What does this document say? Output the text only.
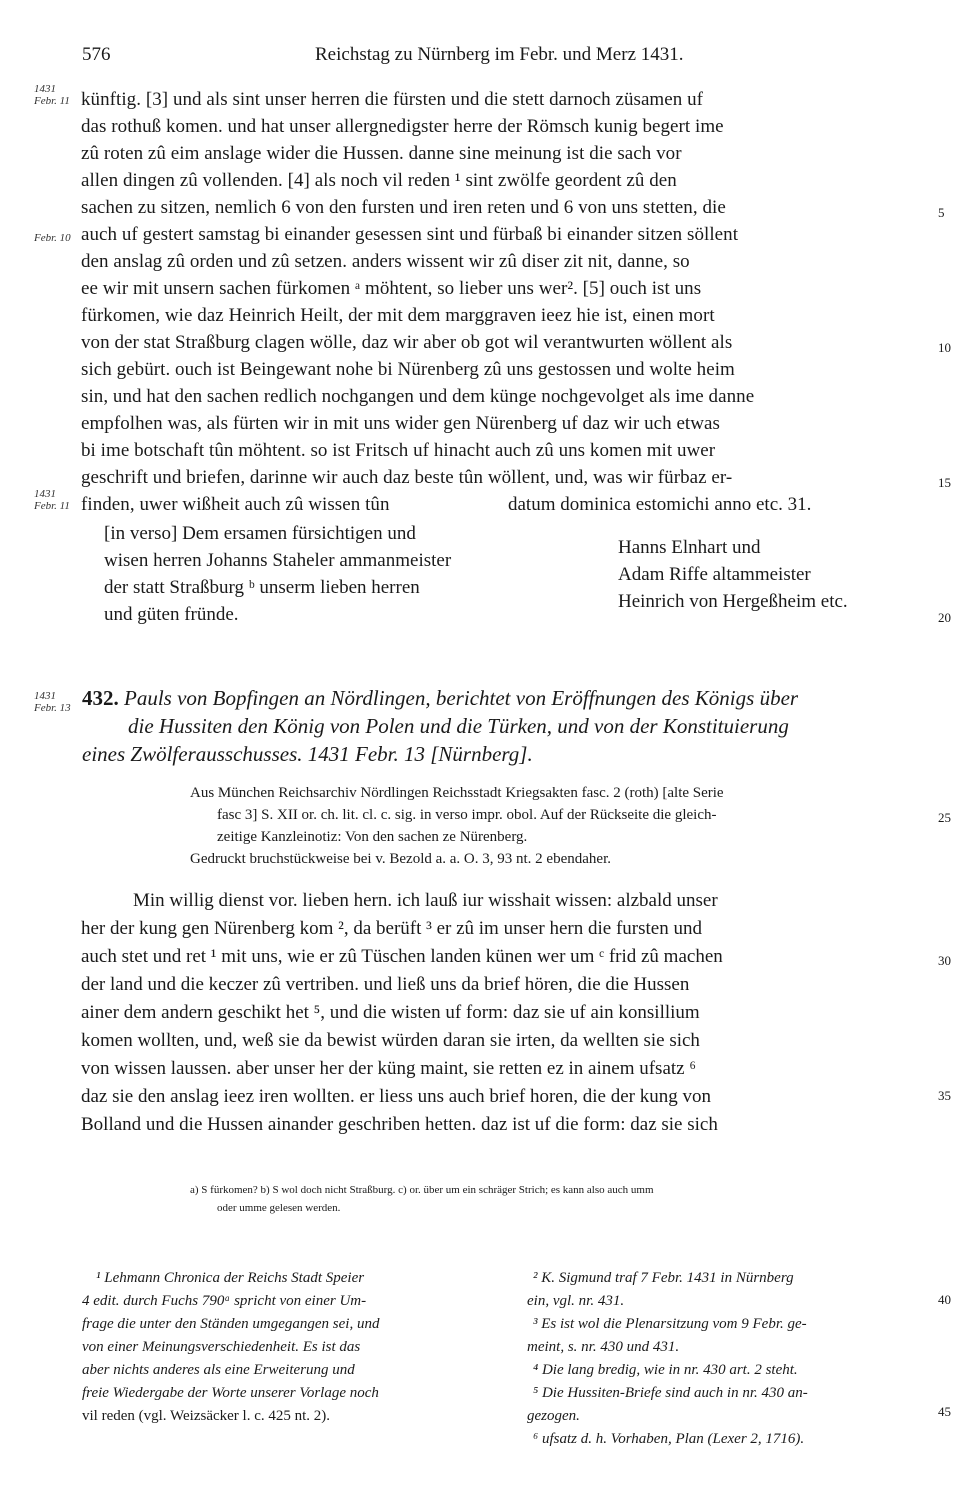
576	Reichstag zu Nürnberg im Febr. und Merz 1431.
1431
Febr. 11
Febr. 10
1431
Febr. 11
1431
Febr. 13
künftig. [3] und als sint unser herren die fürsten und die stett darnoch züsamen uf
das rothuß komen. und hat unser allergnedigster herre der Römsch kunig begert ime
zû roten zû eim anslage wider die Hussen. danne sine meinung ist die sach vor
allen dingen zû vollenden. [4] als noch vil reden ¹ sint zwölfe geordent zû den
sachen zu sitzen, nemlich 6 von den fursten und iren reten und 6 von uns stetten, die
auch uf gestert samstag bi einander gesessen sint und fürbaß bi einander sitzen söllent
den anslag zû orden und zû setzen. anders wissent wir zû diser zit nit, danne, so
ee wir mit unsern sachen fürkomen ᵃ möhtent, so lieber uns wer². [5] ouch ist uns
fürkomen, wie daz Heinrich Heilt, der mit dem marggraven ieez hie ist, einen mort
von der stat Straßburg clagen wölle, daz wir aber ob got wil verantwurten wöllent als
sich gebürt. ouch ist Beingewant nohe bi Nürenberg zû uns gestossen und wolte heim
sin, und hat den sachen redlich nochgangen und dem künge nochgevolget als ime danne
empfolhen was, als fürten wir in mit uns wider gen Nürenberg uf daz wir uch etwas
bi ime botschaft tûn möhtent. so ist Fritsch uf hinacht auch zû uns komen mit uwer
geschrift und briefen, darinne wir auch daz beste tûn wöllent, und, was wir fürbaz er-
finden, uwer wißheit auch zû wissen tûn	datum dominica estomichi anno etc. 31.
[in verso] Dem ersamen fürsichtigen und
wisen herren Johanns Staheler ammanmeister
der statt Straßburg ᵇ unserm lieben herren
und güten fründe.
Hanns Elnhart und
Adam Riffe altammeister
Heinrich von Hergeßheim etc.
5
10
15
20
25
30
35
40
45
432. Pauls von Bopfingen an Nördlingen, berichtet von Eröffnungen des Königs über
die Hussiten den König von Polen und die Türken, und von der Konstituierung
eines Zwölferausschusses. 1431 Febr. 13 [Nürnberg].
Aus München Reichsarchiv Nördlingen Reichsstadt Kriegsakten fasc. 2 (roth) [alte Serie
fasc 3] S. XII or. ch. lit. cl. c. sig. in verso impr. obol. Auf der Rückseite die gleich-
zeitige Kanzleinotiz: Von den sachen ze Nürenberg.
Gedruckt bruchstückweise bei v. Bezold a. a. O. 3, 93 nt. 2 ebendaher.
Min willig dienst vor. lieben hern. ich lauß iur wisshait wissen: alzbald unser
her der kung gen Nürenberg kom ², da berüft ³ er zû im unser hern die fursten und
auch stet und ret ¹ mit uns, wie er zû Tüschen landen künen wer um ᶜ frid zû machen
der land und die keczer zû vertriben. und ließ uns da brief hören, die die Hussen
ainer dem andern geschikt het ⁵, und die wisten uf form: daz sie uf ain konsillium
komen wollten, und, weß sie da bewist würden daran sie irten, da wellten sie sich
von wissen laussen. aber unser her der küng maint, sie retten ez in ainem ufsatz ⁶
daz sie den anslag ieez iren wollten. er liess uns auch brief horen, die der kung von
Bolland und die Hussen ainander geschriben hetten. daz ist uf die form: daz sie sich
a) S fürkomen? b) S wol doch nicht Straßburg. c) or. über um ein schräger Strich; es kann also auch umm
oder umme gelesen werden.
¹ Lehmann Chronica der Reichs Stadt Speier
4 edit. durch Fuchs 790ᵃ spricht von einer Um-
frage die unter den Ständen umgegangen sei, und
von einer Meinungsverschiedenheit. Es ist das
aber nichts anderes als eine Erweiterung und
freie Wiedergabe der Worte unserer Vorlage noch
vil reden (vgl. Weizsäcker l. c. 425 nt. 2).
² K. Sigmund traf 7 Febr. 1431 in Nürnberg
ein, vgl. nr. 431.
³ Es ist wol die Plenarsitzung vom 9 Febr. ge-
meint, s. nr. 430 und 431.
⁴ Die lang bredig, wie in nr. 430 art. 2 steht.
⁵ Die Hussiten-Briefe sind auch in nr. 430 an-
gezogen.
⁶ ufsatz d. h. Vorhaben, Plan (Lexer 2, 1716).
